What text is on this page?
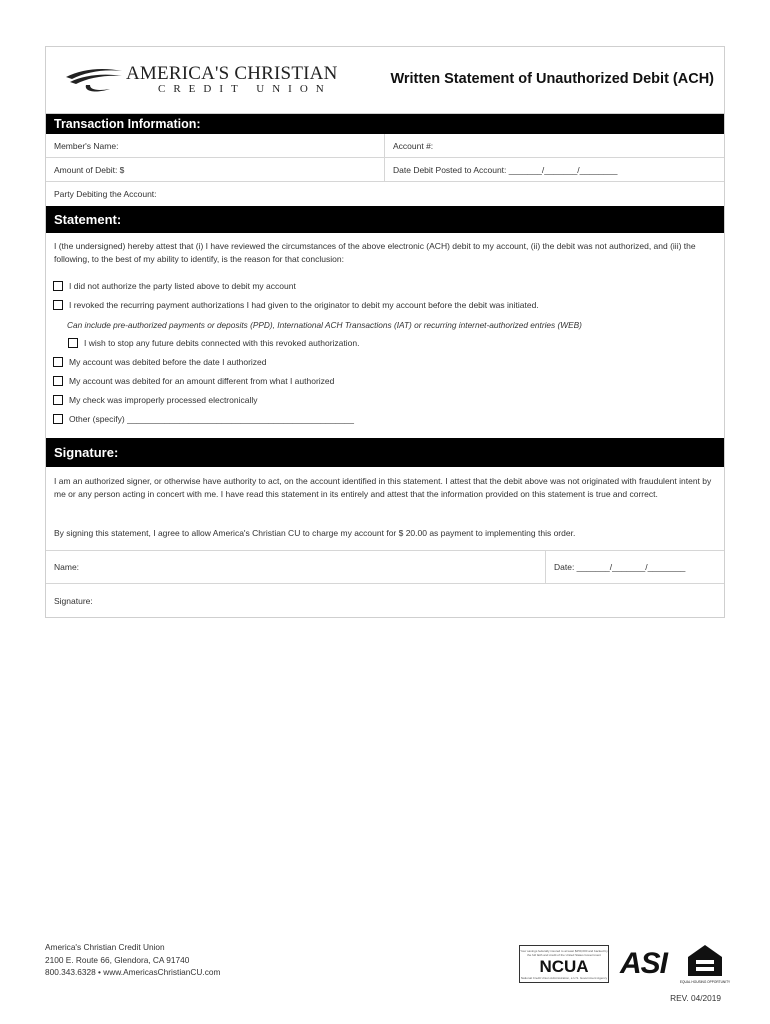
AMERICA'S CHRISTIAN
CREDIT UNION
Written Statement of Unauthorized Debit (ACH)
Transaction Information:
Member's Name:	Account #:
Amount of Debit: $	Date Debit Posted to Account: _______/_______/________
Party Debiting the Account:
Statement:
I (the undersigned) hereby attest that (i) I have reviewed the circumstances of the above electronic (ACH) debit to my account, (ii) the debit was not authorized, and (iii) the following, to the best of my ability to identify, is the reason for that conclusion:
I did not authorize the party listed above to debit my account
I revoked the recurring payment authorizations I had given to the originator to debit my account before the debit was initiated.
Can include pre-authorized payments or deposits (PPD), International ACH Transactions (IAT) or recurring internet-authorized entries (WEB)
I wish to stop any future debits connected with this revoked authorization.
My account was debited before the date I authorized
My account was debited for an amount different from what I authorized
My check was improperly processed electronically
Other (specify) ________________________________________________
Signature:
I am an authorized signer, or otherwise have authority to act, on the account identified in this statement. I attest that the debit above was not originated with fraudulent intent by me or any person acting in concert with me. I have read this statement in its entirely and attest that the information provided on this statement is true and correct.
By signing this statement, I agree to allow America's Christian CU to charge my account for $ 20.00 as payment to implementing this order.
Name:	Date: _______/_______/________
Signature:
America's Christian Credit Union
2100 E. Route 66, Glendora, CA 91740
800.343.6328 • www.AmericasChristianCU.com
Your savings federally insured to at least $250,000 and backed by the full faith and credit of the United States Government
NCUA
National Credit Union Administration, a U.S. Government Agency ASI
EQUAL HOUSING OPPORTUNITY
REV. 04/2019
